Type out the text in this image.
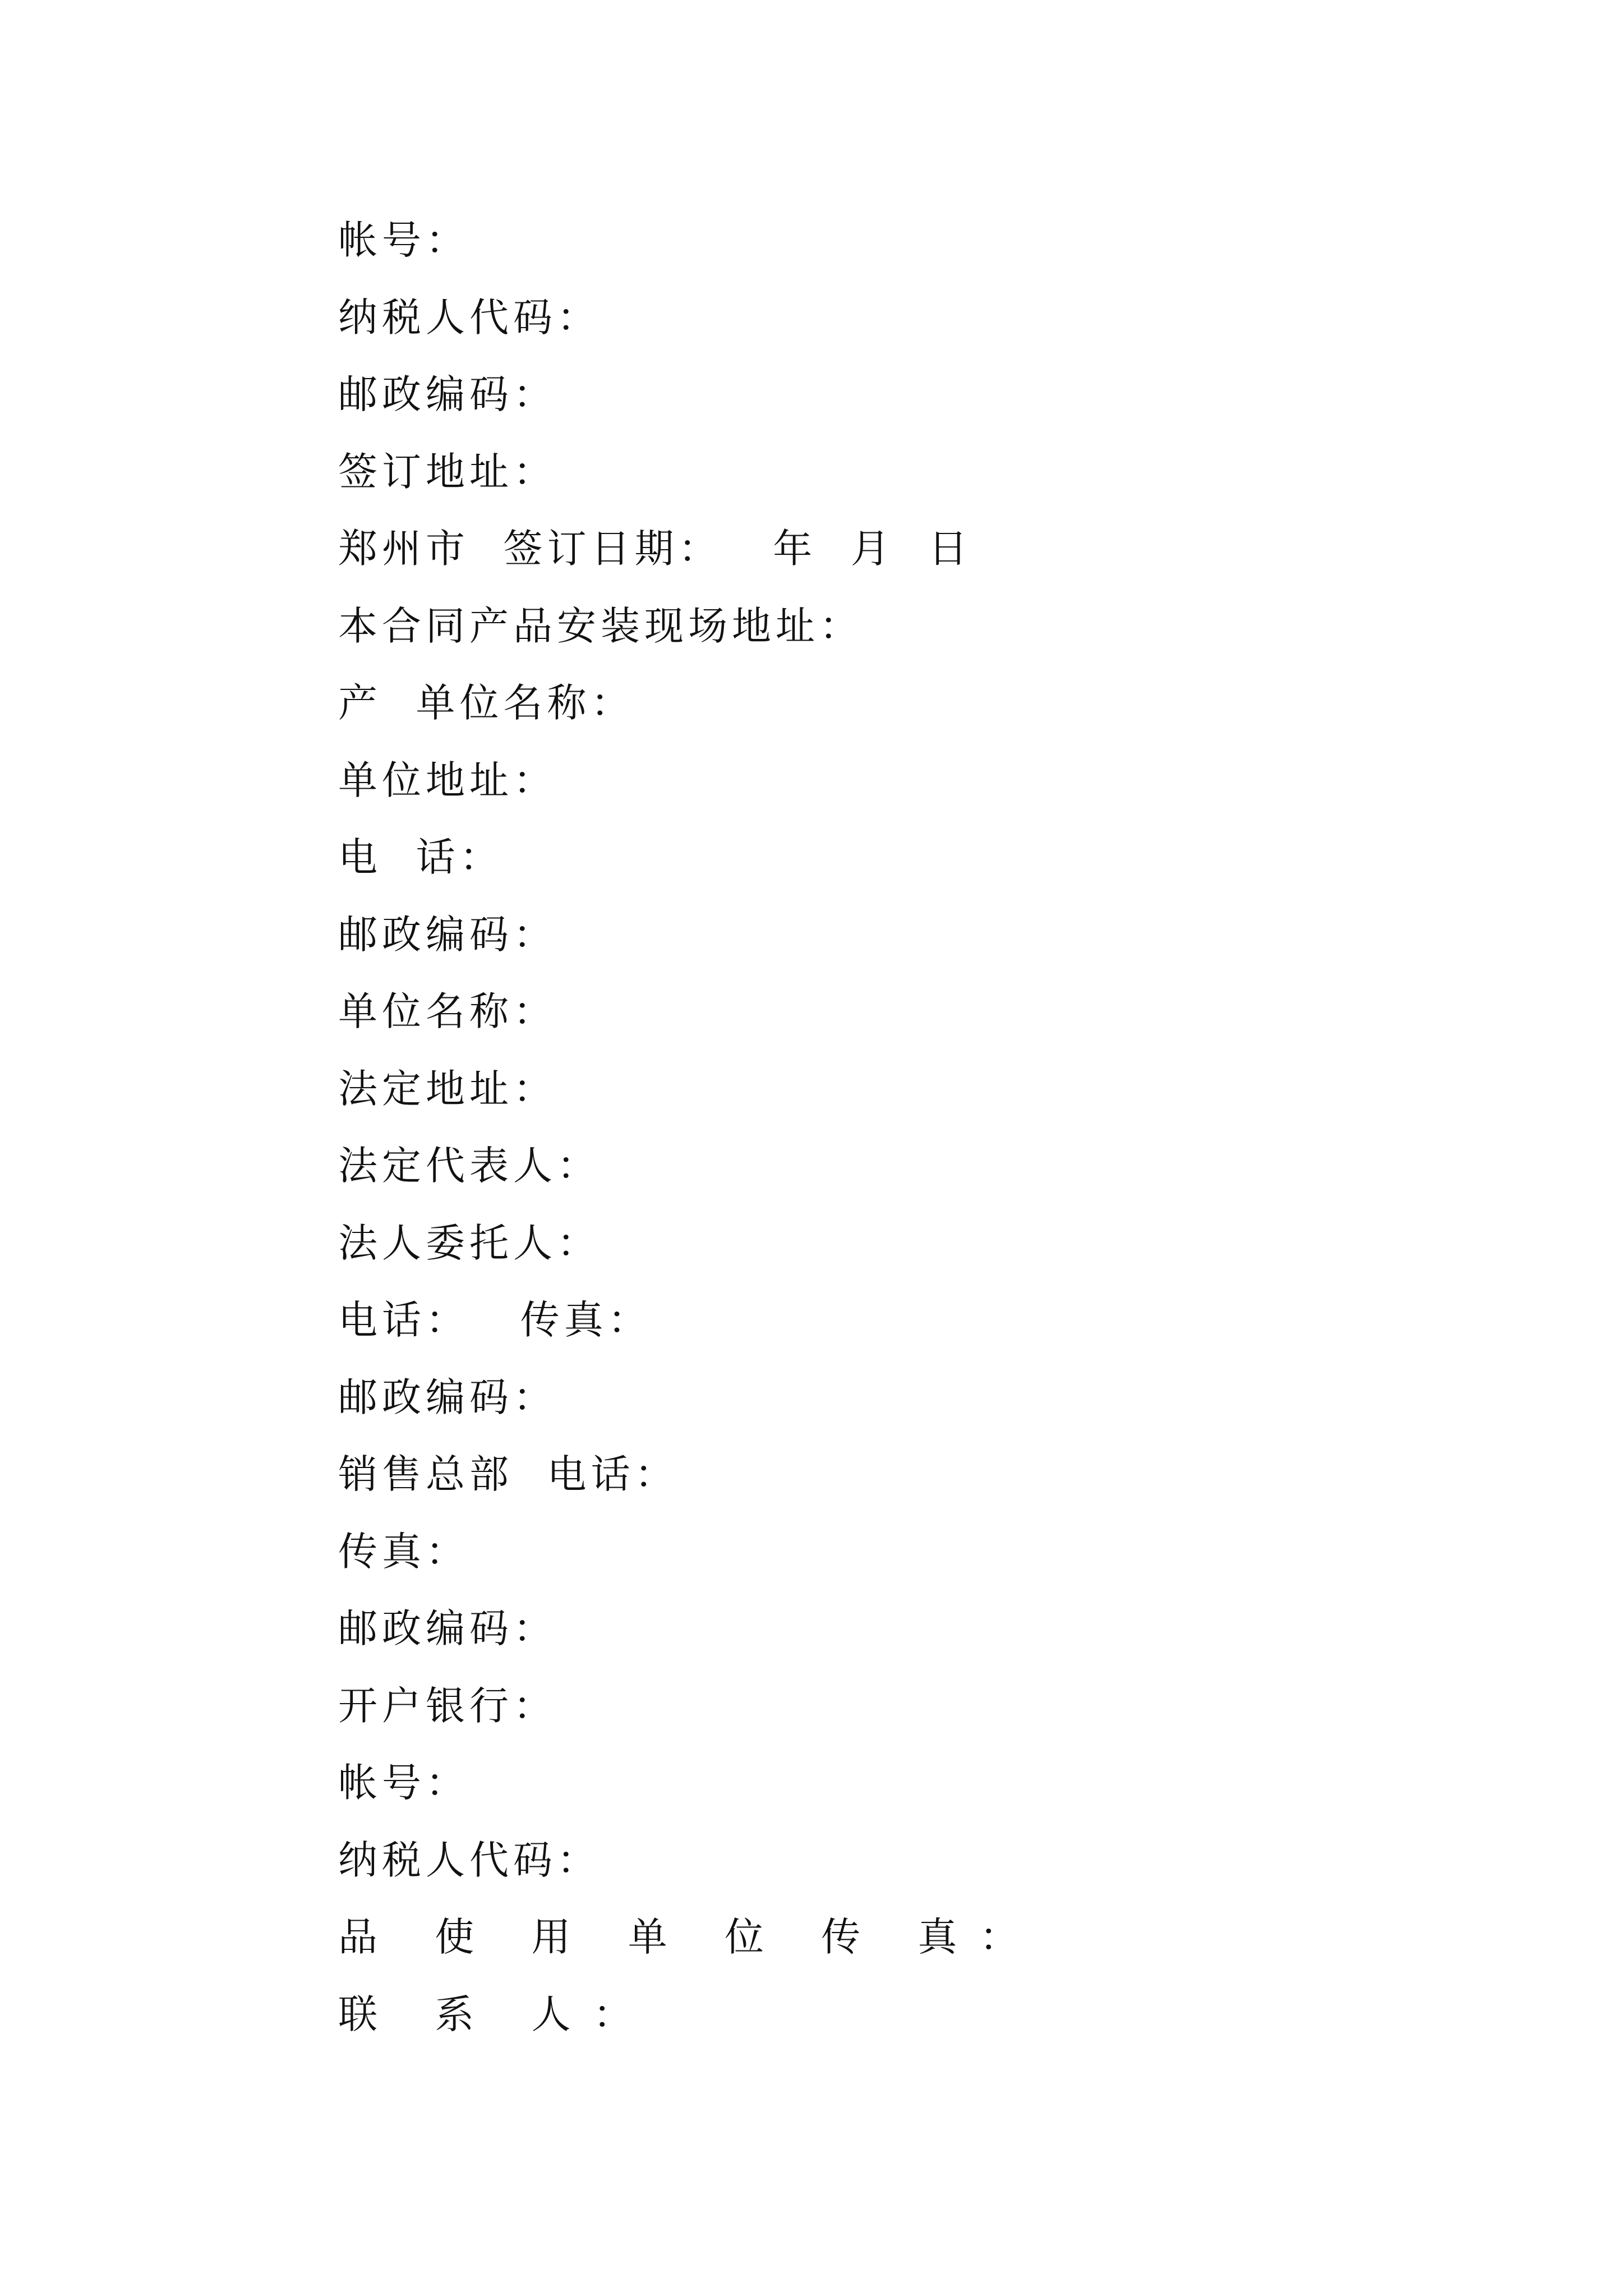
帐号：
纳税人代码：
邮政编码：
签订地址：
郑州市  签订日期：   年  月  日
本合同产品安装现场地址：
产  单位名称：
单位地址：
电  话：
邮政编码：
单位名称：
法定地址：
法定代表人：
法人委托人：
电话：   传真：
邮政编码：
销售总部  电话：
传真：
邮政编码：
开户银行：
帐号：
纳税人代码：
品 使 用 单 位 传 真：
联 系 人：
